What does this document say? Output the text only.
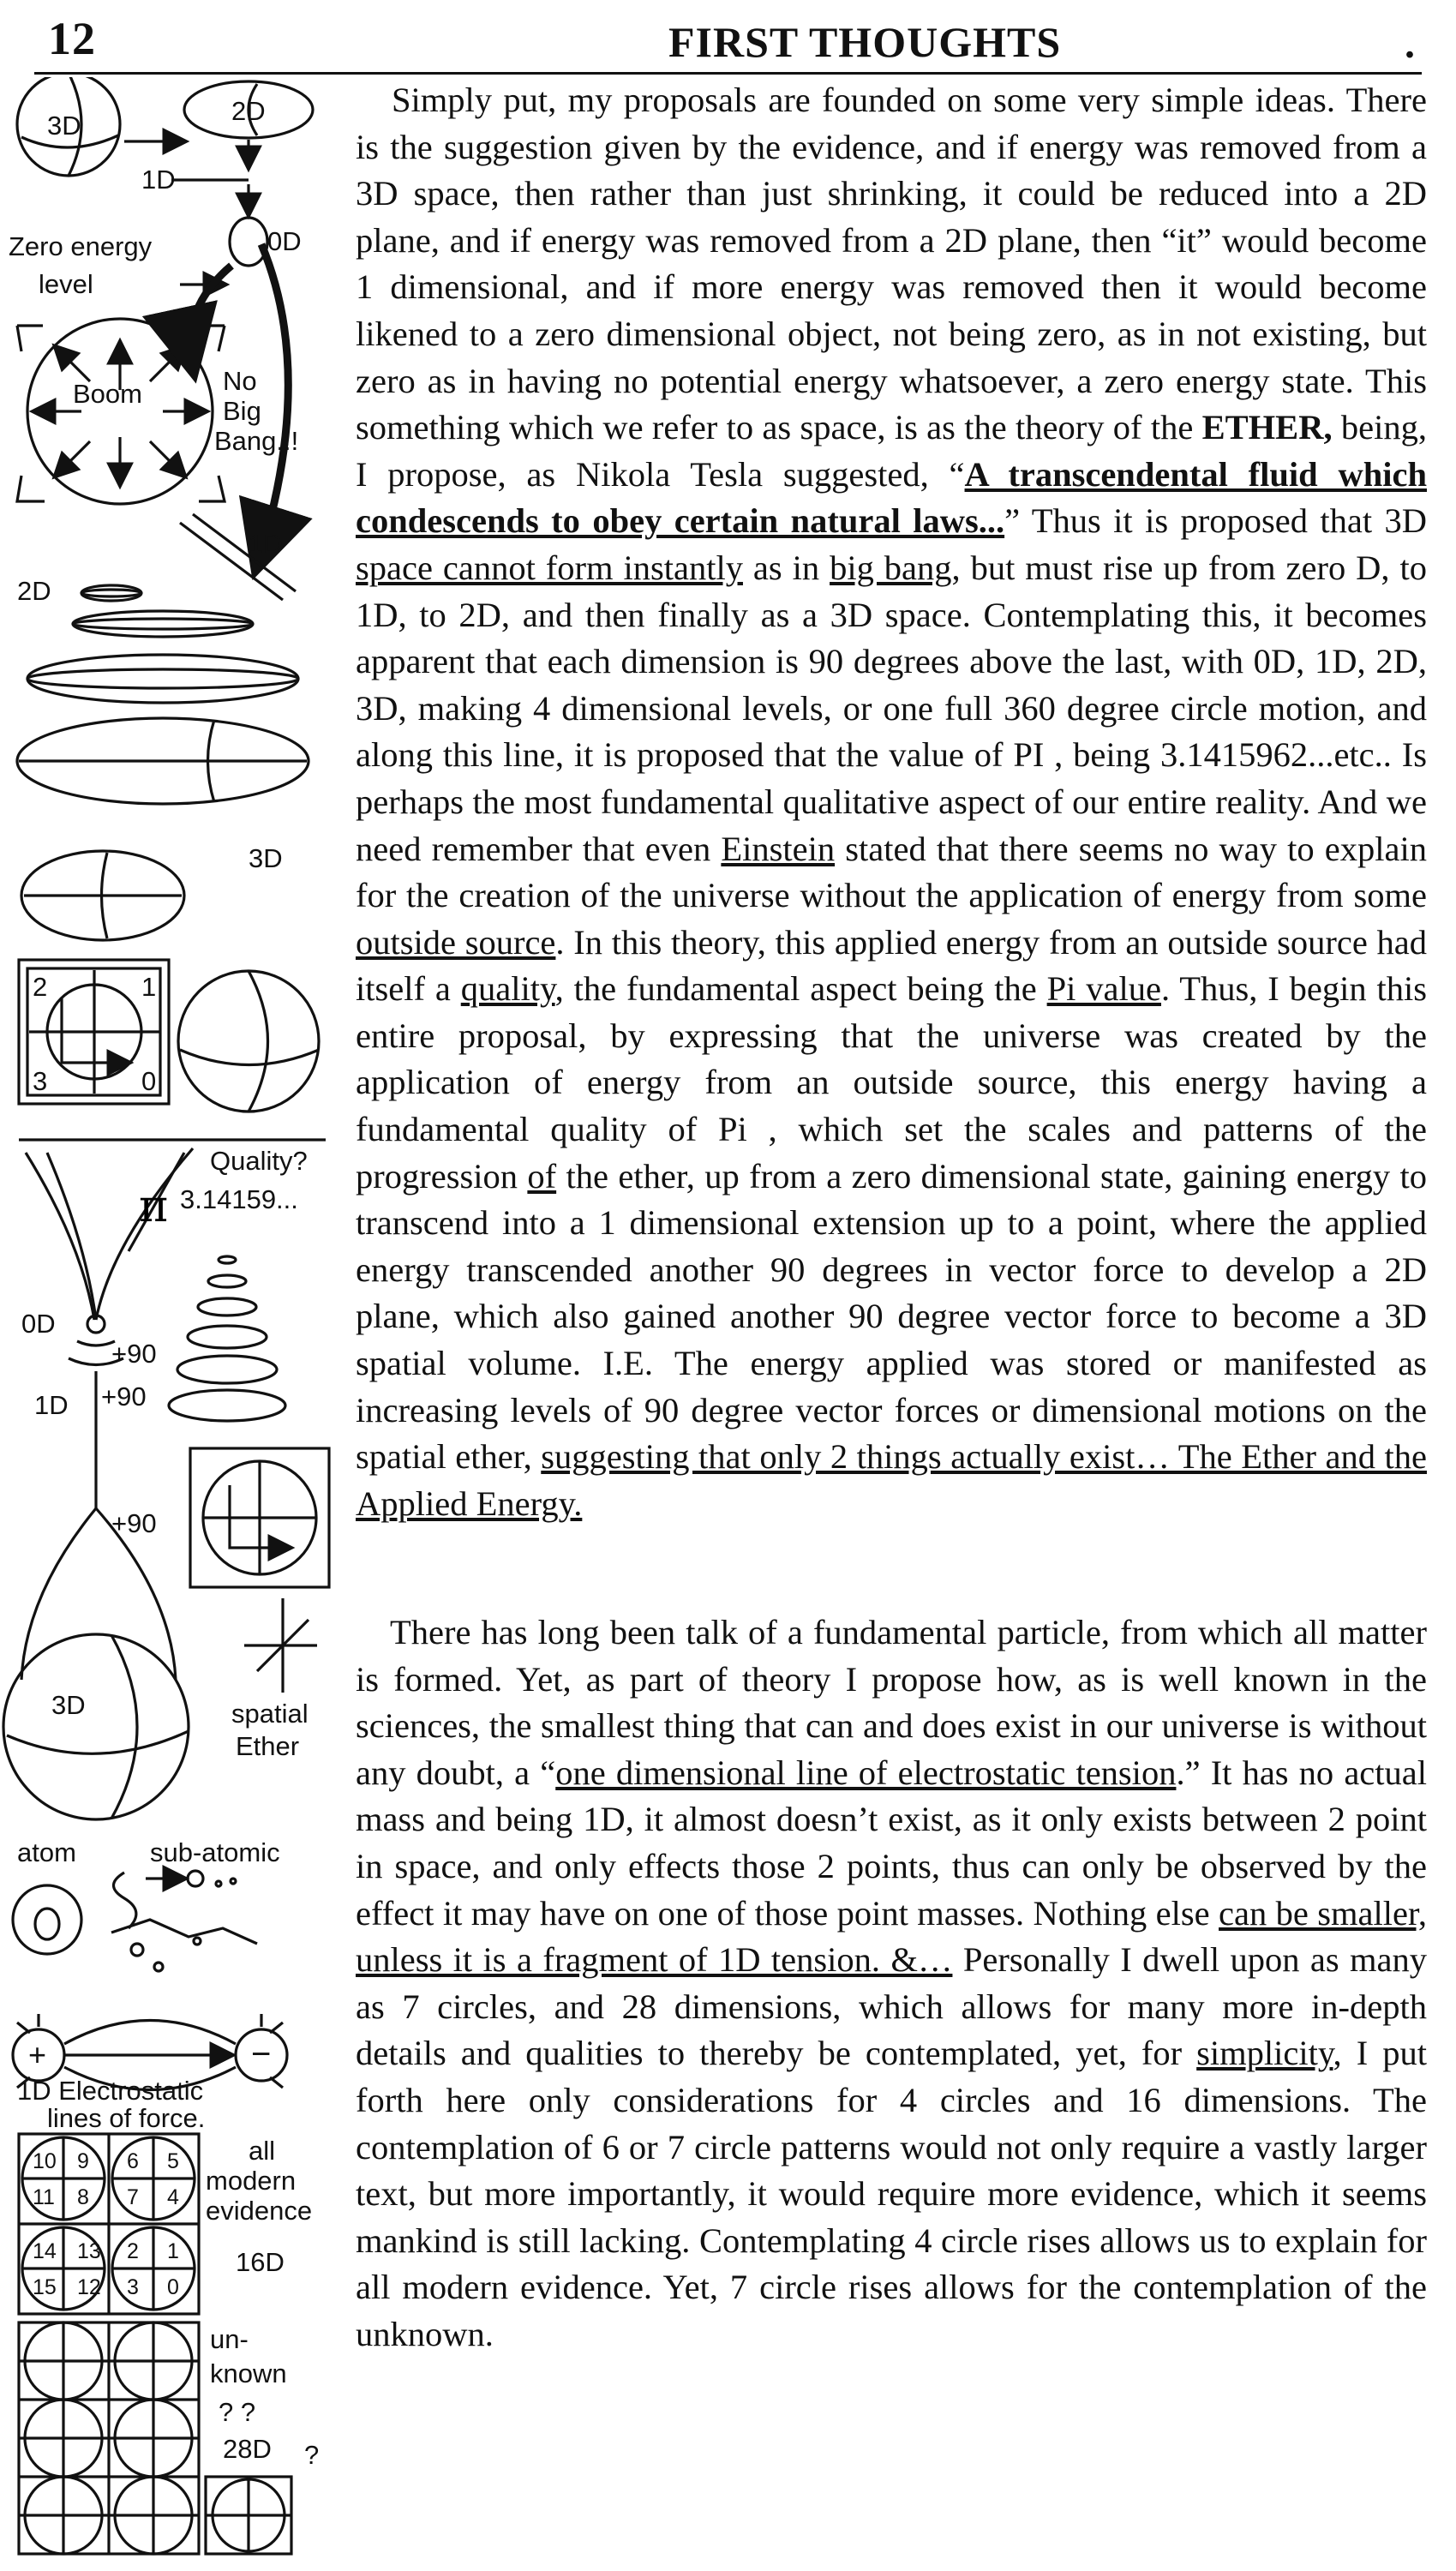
12	FIRST THOUGHTS	.
3D	2D
1D
0D
Zero energy
level
Boom	No
Big
Bang.!!
1D
2D
3D
2	1
3	0
Quality?
π 3.14159...
0D
+90
1D +90
+90
3D	spatial
Ether
atom	sub-atomic
+	−
1D Electrostatic
lines of force.
10 9 6 5
11 8 7 4
14 13 2 1
15 12 3 0
all
modern
evidence
16D
un-
known
? ?
28D ?

Simply put, my proposals are founded on some very simple ideas. There is the suggestion given by the evidence, and if energy was removed from a 3D space, then rather than just shrinking, it could be reduced into a 2D plane, and if energy was removed from a 2D plane, then “it” would become 1 dimensional, and if more energy was removed then it would become likened to a zero dimensional object, not being zero, as in not existing, but zero as in having no potential energy whatsoever, a zero energy state. This something which we refer to as space, is as the theory of the ETHER, being, I propose, as Nikola Tesla suggested, “A transcendental fluid which condescends to obey certain natural laws...” Thus it is proposed that 3D space cannot form instantly as in big bang, but must rise up from zero D, to 1D, to 2D, and then finally as a 3D space. Contemplating this, it becomes apparent that each dimension is 90 degrees above the last, with 0D, 1D, 2D, 3D, making 4 dimensional levels, or one full 360 degree circle motion, and along this line, it is proposed that the value of PI , being 3.1415962...etc.. Is perhaps the most fundamental qualitative aspect of our entire reality. And we need remember that even Einstein stated that there seems no way to explain for the creation of the universe without the application of energy from some outside source. In this theory, this applied energy from an outside source had itself a quality, the fundamental aspect being the Pi value. Thus, I begin this entire proposal, by expressing that the universe was created by the application of energy from an outside source, this energy having a fundamental quality of Pi , which set the scales and patterns of the progression of the ether, up from a zero dimensional state, gaining energy to transcend into a 1 dimensional extension up to a point, where the applied energy transcended another 90 degrees in vector force to develop a 2D plane, which also gained another 90 degree vector force to become a 3D spatial volume. I.E. The energy applied was stored or manifested as increasing levels of 90 degree vector forces or dimensional motions on the spatial ether, suggesting that only 2 things actually exist… The Ether and the Applied Energy.

There has long been talk of a fundamental particle, from which all matter is formed. Yet, as part of theory I propose how, as is well known in the sciences, the smallest thing that can and does exist in our universe is without any doubt, a “one dimensional line of electrostatic tension.” It has no actual mass and being 1D, it almost doesn’t exist, as it only exists between 2 point in space, and only effects those 2 points, thus can only be observed by the effect it may have on one of those point masses. Nothing else can be smaller, unless it is a fragment of 1D tension. &… Personally I dwell upon as many as 7 circles, and 28 dimensions, which allows for many more in-depth details and qualities to thereby be contemplated, yet, for simplicity, I put forth here only considerations for 4 circles and 16 dimensions. The contemplation of 6 or 7 circle patterns would not only require a vastly larger text, but more importantly, it would require more evidence, which it seems mankind is still lacking. Contemplating 4 circle rises allows us to explain for all modern evidence. Yet, 7 circle rises allows for the contemplation of the unknown.
